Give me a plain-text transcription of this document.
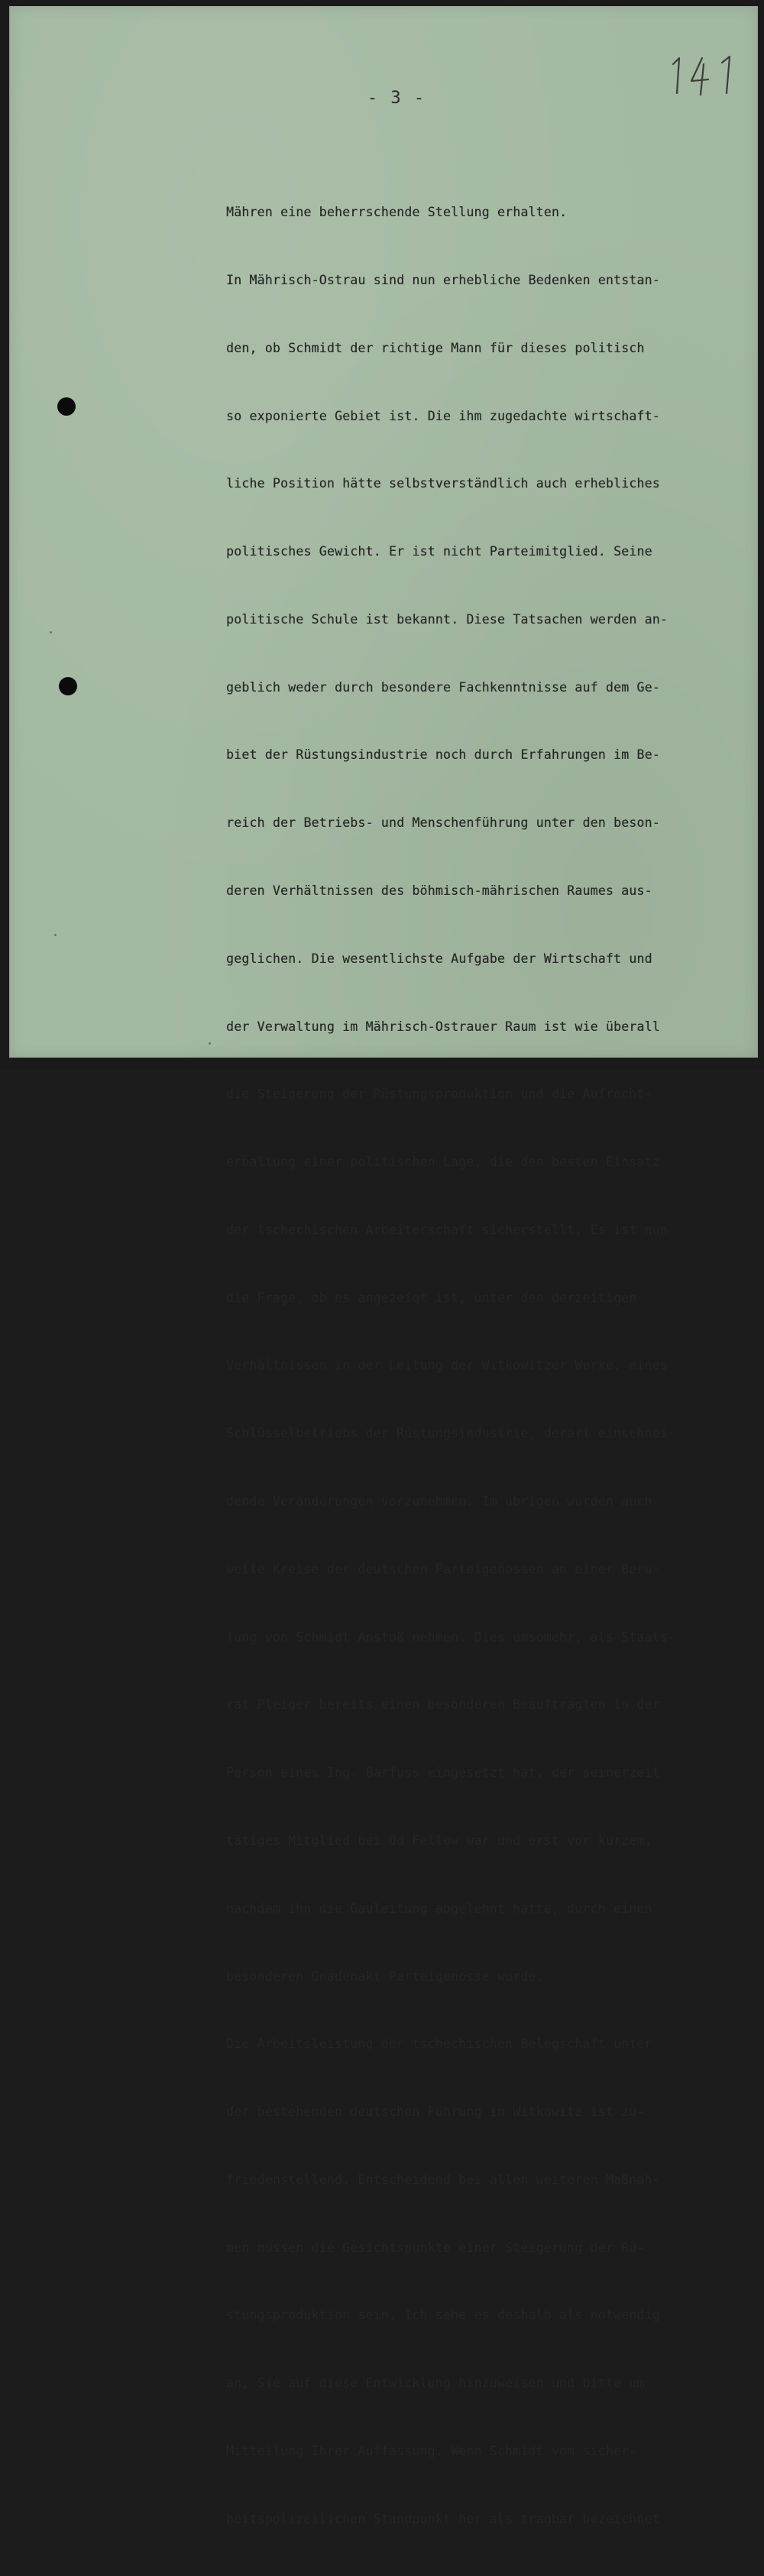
- 3 -

Mähren eine beherrschende Stellung erhalten.

In Mährisch-Ostrau sind nun erhebliche Bedenken entstan-

den, ob Schmidt der richtige Mann für dieses politisch

so exponierte Gebiet ist. Die ihm zugedachte wirtschaft-

liche Position hätte selbstverständlich auch erhebliches

politisches Gewicht. Er ist nicht Parteimitglied. Seine

politische Schule ist bekannt. Diese Tatsachen werden an-

geblich weder durch besondere Fachkenntnisse auf dem Ge-

biet der Rüstungsindustrie noch durch Erfahrungen im Be-

reich der Betriebs- und Menschenführung unter den beson-

deren Verhältnissen des böhmisch-mährischen Raumes aus-

geglichen. Die wesentlichste Aufgabe der Wirtschaft und

der Verwaltung im Mährisch-Ostrauer Raum ist wie überall

die Steigerung der Rüstungsproduktion und die Aufrecht-

erhaltung einer politischen Lage, die den besten Einsatz

der tschechischen Arbeiterschaft sicherstellt. Es ist nun

die Frage, ob es angezeigt ist, unter den derzeitigen

Verhältnissen in der Leitung der Witkowitzer Werke, eines

Schlüsselbetriebs der Rüstungsindustrie, derart einschnei-

dende Veränderungen vorzunehmen. Im übrigen würden auch

weite Kreise der deutschen Parteigenossen an einer Beru-

fung von Schmidt Anstoß nehmen. Dies umsomehr, als Staats-

rat Pleiger bereits einen besonderen Beauftragten in der

Person eines Ing. Barfuss eingesetzt hat, der seinerzeit

tätiges Mitglied bei Od Fellow war und erst vor kurzem,

nachdem ihn die Gauleitung abgelehnt hatte, durch einen

besonderen Gnadenakt Parteigenosse wurde.

Die Arbeitsleistung der tschechischen Belegschaft unter

der bestehenden deutschen Führung in Witkowitz ist zu-

friedenstellend. Entscheidend bei allen weiteren Maßnah-

men müssen die Gesichtspunkte einer Steigerung der Rü-

stungsproduktion sein. Ich sehe es deshalb als notwendig

an, Sie auf diese Entwicklung hinzuweisen und bitte um

Mitteilung Ihrer Auffassung. Wenn Schmidt vom sicher-

heitspolizeilichen Standpunkt her als tragbar bezeichnet
